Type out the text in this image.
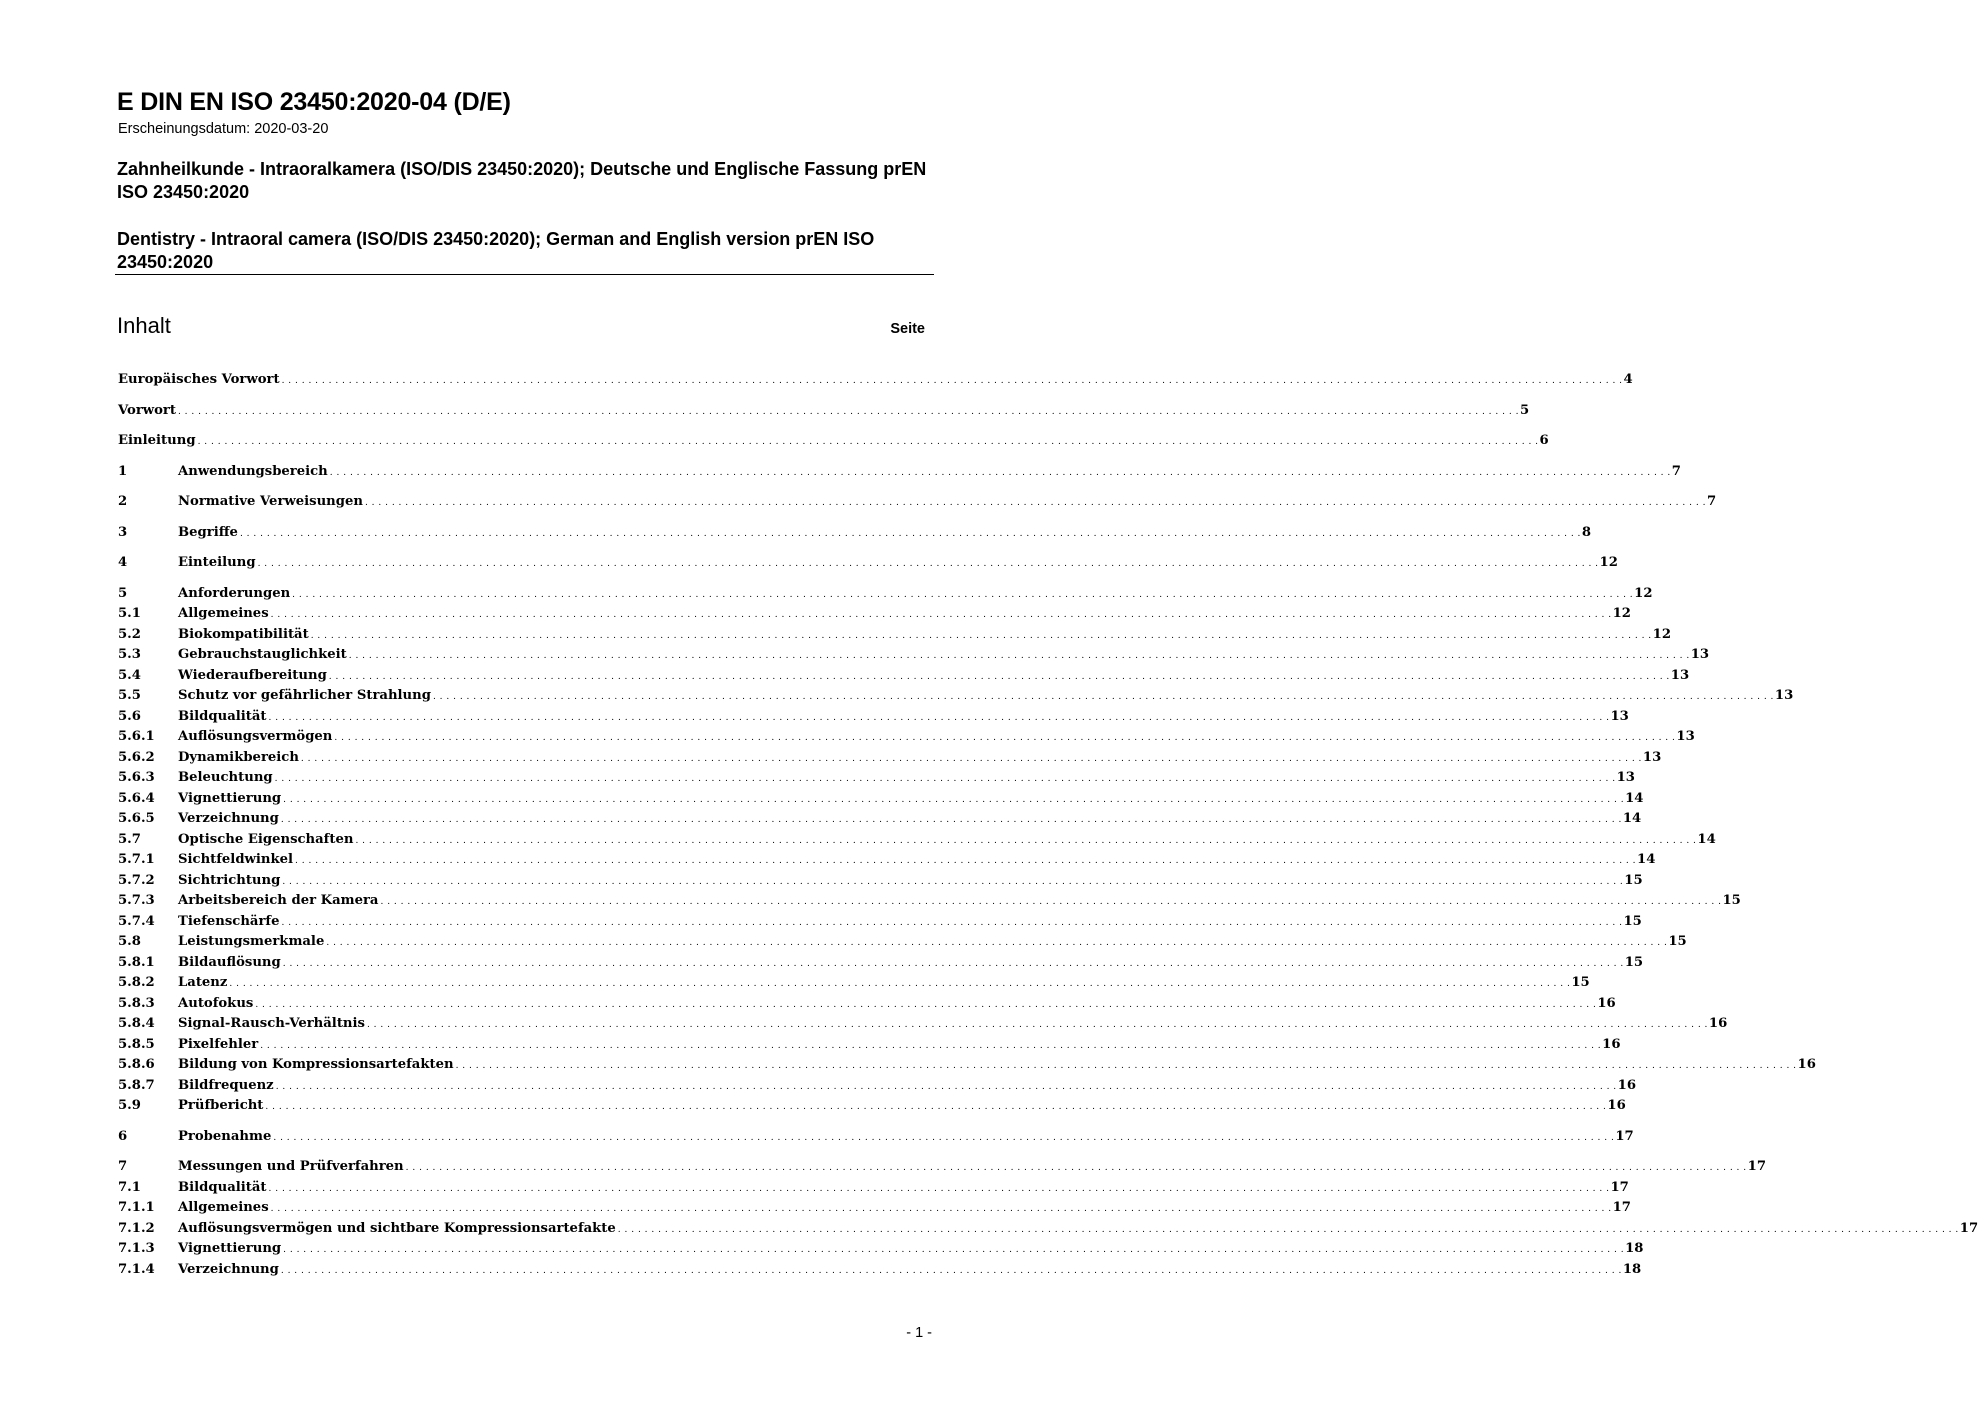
E DIN EN ISO 23450:2020-04 (D/E)
Erscheinungsdatum: 2020-03-20

Zahnheilkunde - Intraoralkamera (ISO/DIS 23450:2020); Deutsche und Englische Fassung prEN ISO 23450:2020

Dentistry - Intraoral camera (ISO/DIS 23450:2020); German and English version prEN ISO 23450:2020

Inhalt	Seite
Europäisches Vorwort . . . . . . . . . . . . . . . . . . . . . . . . . . . . . . . . . . . . . . . . . . . . . . . . . . . . . . . . . . . . . . . . . . . . . . . . . . . . . . . . . . . . . . . . . . . . . . . . . . . . . . . . . . . . . . . . . . . . . . . . . . . . . . . . . . . . . . . . . . . . . . . . . . . . . . . . . . . . . . . . . . . . . . . . . . . . . . . . . . . . . . . . . . . . . . . . . . . . . . . . 4
Vorwort . . . . . . . . . . . . . . . . . . . . . . . . . . . . . . . . . . . . . . . . . . . . . . . . . . . . . . . . . . . . . . . . . . . . . . . . . . . . . . . . . . . . . . . . . . . . . . . . . . . . . . . . . . . . . . . . . . . . . . . . . . . . . . . . . . . . . . . . . . . . . . . . . . . . . . . . . . . . . . . . . . . . . . . . . . . . . . . . . . . . . . . . . . . . . . . . . . . . . . . . 5
Einleitung . . . . . . . . . . . . . . . . . . . . . . . . . . . . . . . . . . . . . . . . . . . . . . . . . . . . . . . . . . . . . . . . . . . . . . . . . . . . . . . . . . . . . . . . . . . . . . . . . . . . . . . . . . . . . . . . . . . . . . . . . . . . . . . . . . . . . . . . . . . . . . . . . . . . . . . . . . . . . . . . . . . . . . . . . . . . . . . . . . . . . . . . . . . . . . . . . . . . . . . . 6
1	Anwendungsbereich . . . . . . . . . . . . . . . . . . . . . . . . . . . . . . . . . . . . . . . . . . . . . . . . . . . . . . . . . . . . . . . . . . . . . . . . . . . . . . . . . . . . . . . . . . . . . . . . . . . . . . . . . . . . . . . . . . . . . . . . . . . . . . . . . . . . . . . . . . . . . . . . . . . . . . . . . . . . . . . . . . . . . . . . . . . . . . . . . . . . . . . . . . . . . . . . . . . . . . . . 7
2	Normative Verweisungen . . . . . . . . . . . . . . . . . . . . . . . . . . . . . . . . . . . . . . . . . . . . . . . . . . . . . . . . . . . . . . . . . . . . . . . . . . . . . . . . . . . . . . . . . . . . . . . . . . . . . . . . . . . . . . . . . . . . . . . . . . . . . . . . . . . . . . . . . . . . . . . . . . . . . . . . . . . . . . . . . . . . . . . . . . . . . . . . . . . . . . . . . . . . . . . . . . . . . . . . 7
3	Begriffe . . . . . . . . . . . . . . . . . . . . . . . . . . . . . . . . . . . . . . . . . . . . . . . . . . . . . . . . . . . . . . . . . . . . . . . . . . . . . . . . . . . . . . . . . . . . . . . . . . . . . . . . . . . . . . . . . . . . . . . . . . . . . . . . . . . . . . . . . . . . . . . . . . . . . . . . . . . . . . . . . . . . . . . . . . . . . . . . . . . . . . . . . . . . . . . . . . . . . . . . 8
4	Einteilung . . . . . . . . . . . . . . . . . . . . . . . . . . . . . . . . . . . . . . . . . . . . . . . . . . . . . . . . . . . . . . . . . . . . . . . . . . . . . . . . . . . . . . . . . . . . . . . . . . . . . . . . . . . . . . . . . . . . . . . . . . . . . . . . . . . . . . . . . . . . . . . . . . . . . . . . . . . . . . . . . . . . . . . . . . . . . . . . . . . . . . . . . . . . . . . . . . . . . . . . 12
5	Anforderungen . . . . . . . . . . . . . . . . . . . . . . . . . . . . . . . . . . . . . . . . . . . . . . . . . . . . . . . . . . . . . . . . . . . . . . . . . . . . . . . . . . . . . . . . . . . . . . . . . . . . . . . . . . . . . . . . . . . . . . . . . . . . . . . . . . . . . . . . . . . . . . . . . . . . . . . . . . . . . . . . . . . . . . . . . . . . . . . . . . . . . . . . . . . . . . . . . . . . . . . . 12
5.1	Allgemeines . . . . . . . . . . . . . . . . . . . . . . . . . . . . . . . . . . . . . . . . . . . . . . . . . . . . . . . . . . . . . . . . . . . . . . . . . . . . . . . . . . . . . . . . . . . . . . . . . . . . . . . . . . . . . . . . . . . . . . . . . . . . . . . . . . . . . . . . . . . . . . . . . . . . . . . . . . . . . . . . . . . . . . . . . . . . . . . . . . . . . . . . . . . . . . . . . . . . . . . . 12
5.2	Biokompatibilität . . . . . . . . . . . . . . . . . . . . . . . . . . . . . . . . . . . . . . . . . . . . . . . . . . . . . . . . . . . . . . . . . . . . . . . . . . . . . . . . . . . . . . . . . . . . . . . . . . . . . . . . . . . . . . . . . . . . . . . . . . . . . . . . . . . . . . . . . . . . . . . . . . . . . . . . . . . . . . . . . . . . . . . . . . . . . . . . . . . . . . . . . . . . . . . . . . . . . . . . 12
5.3	Gebrauchstauglichkeit . . . . . . . . . . . . . . . . . . . . . . . . . . . . . . . . . . . . . . . . . . . . . . . . . . . . . . . . . . . . . . . . . . . . . . . . . . . . . . . . . . . . . . . . . . . . . . . . . . . . . . . . . . . . . . . . . . . . . . . . . . . . . . . . . . . . . . . . . . . . . . . . . . . . . . . . . . . . . . . . . . . . . . . . . . . . . . . . . . . . . . . . . . . . . . . . . . . . . . . . 13
5.4	Wiederaufbereitung . . . . . . . . . . . . . . . . . . . . . . . . . . . . . . . . . . . . . . . . . . . . . . . . . . . . . . . . . . . . . . . . . . . . . . . . . . . . . . . . . . . . . . . . . . . . . . . . . . . . . . . . . . . . . . . . . . . . . . . . . . . . . . . . . . . . . . . . . . . . . . . . . . . . . . . . . . . . . . . . . . . . . . . . . . . . . . . . . . . . . . . . . . . . . . . . . . . . . . . . 13
5.5	Schutz vor gefährlicher Strahlung . . . . . . . . . . . . . . . . . . . . . . . . . . . . . . . . . . . . . . . . . . . . . . . . . . . . . . . . . . . . . . . . . . . . . . . . . . . . . . . . . . . . . . . . . . . . . . . . . . . . . . . . . . . . . . . . . . . . . . . . . . . . . . . . . . . . . . . . . . . . . . . . . . . . . . . . . . . . . . . . . . . . . . . . . . . . . . . . . . . . . . . . . . . . . . . . . . . . . . . . 13
5.6	Bildqualität . . . . . . . . . . . . . . . . . . . . . . . . . . . . . . . . . . . . . . . . . . . . . . . . . . . . . . . . . . . . . . . . . . . . . . . . . . . . . . . . . . . . . . . . . . . . . . . . . . . . . . . . . . . . . . . . . . . . . . . . . . . . . . . . . . . . . . . . . . . . . . . . . . . . . . . . . . . . . . . . . . . . . . . . . . . . . . . . . . . . . . . . . . . . . . . . . . . . . . . . 13
5.6.1 Auflösungsvermögen . . . . . . . . . . . . . . . . . . . . . . . . . . . . . . . . . . . . . . . . . . . . . . . . . . . . . . . . . . . . . . . . . . . . . . . . . . . . . . . . . . . . . . . . . . . . . . . . . . . . . . . . . . . . . . . . . . . . . . . . . . . . . . . . . . . . . . . . . . . . . . . . . . . . . . . . . . . . . . . . . . . . . . . . . . . . . . . . . . . . . . . . . . . . . . . . . . . . . . . . 13
5.6.2 Dynamikbereich . . . . . . . . . . . . . . . . . . . . . . . . . . . . . . . . . . . . . . . . . . . . . . . . . . . . . . . . . . . . . . . . . . . . . . . . . . . . . . . . . . . . . . . . . . . . . . . . . . . . . . . . . . . . . . . . . . . . . . . . . . . . . . . . . . . . . . . . . . . . . . . . . . . . . . . . . . . . . . . . . . . . . . . . . . . . . . . . . . . . . . . . . . . . . . . . . . . . . . . . 13
5.6.3 Beleuchtung . . . . . . . . . . . . . . . . . . . . . . . . . . . . . . . . . . . . . . . . . . . . . . . . . . . . . . . . . . . . . . . . . . . . . . . . . . . . . . . . . . . . . . . . . . . . . . . . . . . . . . . . . . . . . . . . . . . . . . . . . . . . . . . . . . . . . . . . . . . . . . . . . . . . . . . . . . . . . . . . . . . . . . . . . . . . . . . . . . . . . . . . . . . . . . . . . . . . . . . . 13
5.6.4 Vignettierung . . . . . . . . . . . . . . . . . . . . . . . . . . . . . . . . . . . . . . . . . . . . . . . . . . . . . . . . . . . . . . . . . . . . . . . . . . . . . . . . . . . . . . . . . . . . . . . . . . . . . . . . . . . . . . . . . . . . . . . . . . . . . . . . . . . . . . . . . . . . . . . . . . . . . . . . . . . . . . . . . . . . . . . . . . . . . . . . . . . . . . . . . . . . . . . . . . . . . . . . 14
5.6.5 Verzeichnung . . . . . . . . . . . . . . . . . . . . . . . . . . . . . . . . . . . . . . . . . . . . . . . . . . . . . . . . . . . . . . . . . . . . . . . . . . . . . . . . . . . . . . . . . . . . . . . . . . . . . . . . . . . . . . . . . . . . . . . . . . . . . . . . . . . . . . . . . . . . . . . . . . . . . . . . . . . . . . . . . . . . . . . . . . . . . . . . . . . . . . . . . . . . . . . . . . . . . . . . 14
5.7	Optische Eigenschaften . . . . . . . . . . . . . . . . . . . . . . . . . . . . . . . . . . . . . . . . . . . . . . . . . . . . . . . . . . . . . . . . . . . . . . . . . . . . . . . . . . . . . . . . . . . . . . . . . . . . . . . . . . . . . . . . . . . . . . . . . . . . . . . . . . . . . . . . . . . . . . . . . . . . . . . . . . . . . . . . . . . . . . . . . . . . . . . . . . . . . . . . . . . . . . . . . . . . . . . . 14
5.7.1 Sichtfeldwinkel . . . . . . . . . . . . . . . . . . . . . . . . . . . . . . . . . . . . . . . . . . . . . . . . . . . . . . . . . . . . . . . . . . . . . . . . . . . . . . . . . . . . . . . . . . . . . . . . . . . . . . . . . . . . . . . . . . . . . . . . . . . . . . . . . . . . . . . . . . . . . . . . . . . . . . . . . . . . . . . . . . . . . . . . . . . . . . . . . . . . . . . . . . . . . . . . . . . . . . . . 14
5.7.2 Sichtrichtung . . . . . . . . . . . . . . . . . . . . . . . . . . . . . . . . . . . . . . . . . . . . . . . . . . . . . . . . . . . . . . . . . . . . . . . . . . . . . . . . . . . . . . . . . . . . . . . . . . . . . . . . . . . . . . . . . . . . . . . . . . . . . . . . . . . . . . . . . . . . . . . . . . . . . . . . . . . . . . . . . . . . . . . . . . . . . . . . . . . . . . . . . . . . . . . . . . . . . . . . 15
5.7.3 Arbeitsbereich der Kamera . . . . . . . . . . . . . . . . . . . . . . . . . . . . . . . . . . . . . . . . . . . . . . . . . . . . . . . . . . . . . . . . . . . . . . . . . . . . . . . . . . . . . . . . . . . . . . . . . . . . . . . . . . . . . . . . . . . . . . . . . . . . . . . . . . . . . . . . . . . . . . . . . . . . . . . . . . . . . . . . . . . . . . . . . . . . . . . . . . . . . . . . . . . . . . . . . . . . . . . . 15
5.7.4 Tiefenschärfe . . . . . . . . . . . . . . . . . . . . . . . . . . . . . . . . . . . . . . . . . . . . . . . . . . . . . . . . . . . . . . . . . . . . . . . . . . . . . . . . . . . . . . . . . . . . . . . . . . . . . . . . . . . . . . . . . . . . . . . . . . . . . . . . . . . . . . . . . . . . . . . . . . . . . . . . . . . . . . . . . . . . . . . . . . . . . . . . . . . . . . . . . . . . . . . . . . . . . . . . 15
5.8	Leistungsmerkmale . . . . . . . . . . . . . . . . . . . . . . . . . . . . . . . . . . . . . . . . . . . . . . . . . . . . . . . . . . . . . . . . . . . . . . . . . . . . . . . . . . . . . . . . . . . . . . . . . . . . . . . . . . . . . . . . . . . . . . . . . . . . . . . . . . . . . . . . . . . . . . . . . . . . . . . . . . . . . . . . . . . . . . . . . . . . . . . . . . . . . . . . . . . . . . . . . . . . . . . . 15
5.8.1 Bildauflösung . . . . . . . . . . . . . . . . . . . . . . . . . . . . . . . . . . . . . . . . . . . . . . . . . . . . . . . . . . . . . . . . . . . . . . . . . . . . . . . . . . . . . . . . . . . . . . . . . . . . . . . . . . . . . . . . . . . . . . . . . . . . . . . . . . . . . . . . . . . . . . . . . . . . . . . . . . . . . . . . . . . . . . . . . . . . . . . . . . . . . . . . . . . . . . . . . . . . . . . . 15
5.8.2 Latenz . . . . . . . . . . . . . . . . . . . . . . . . . . . . . . . . . . . . . . . . . . . . . . . . . . . . . . . . . . . . . . . . . . . . . . . . . . . . . . . . . . . . . . . . . . . . . . . . . . . . . . . . . . . . . . . . . . . . . . . . . . . . . . . . . . . . . . . . . . . . . . . . . . . . . . . . . . . . . . . . . . . . . . . . . . . . . . . . . . . . . . . . . . . . . . . . . . . . . . . . 15
5.8.3 Autofokus . . . . . . . . . . . . . . . . . . . . . . . . . . . . . . . . . . . . . . . . . . . . . . . . . . . . . . . . . . . . . . . . . . . . . . . . . . . . . . . . . . . . . . . . . . . . . . . . . . . . . . . . . . . . . . . . . . . . . . . . . . . . . . . . . . . . . . . . . . . . . . . . . . . . . . . . . . . . . . . . . . . . . . . . . . . . . . . . . . . . . . . . . . . . . . . . . . . . . . . . 16
5.8.4 Signal-Rausch-Verhältnis . . . . . . . . . . . . . . . . . . . . . . . . . . . . . . . . . . . . . . . . . . . . . . . . . . . . . . . . . . . . . . . . . . . . . . . . . . . . . . . . . . . . . . . . . . . . . . . . . . . . . . . . . . . . . . . . . . . . . . . . . . . . . . . . . . . . . . . . . . . . . . . . . . . . . . . . . . . . . . . . . . . . . . . . . . . . . . . . . . . . . . . . . . . . . . . . . . . . . . . . 16
5.8.5 Pixelfehler . . . . . . . . . . . . . . . . . . . . . . . . . . . . . . . . . . . . . . . . . . . . . . . . . . . . . . . . . . . . . . . . . . . . . . . . . . . . . . . . . . . . . . . . . . . . . . . . . . . . . . . . . . . . . . . . . . . . . . . . . . . . . . . . . . . . . . . . . . . . . . . . . . . . . . . . . . . . . . . . . . . . . . . . . . . . . . . . . . . . . . . . . . . . . . . . . . . . . . . . 16
5.8.6 Bildung von Kompressionsartefakten . . . . . . . . . . . . . . . . . . . . . . . . . . . . . . . . . . . . . . . . . . . . . . . . . . . . . . . . . . . . . . . . . . . . . . . . . . . . . . . . . . . . . . . . . . . . . . . . . . . . . . . . . . . . . . . . . . . . . . . . . . . . . . . . . . . . . . . . . . . . . . . . . . . . . . . . . . . . . . . . . . . . . . . . . . . . . . . . . . . . . . . . . . . . . . . . . . . . . . . . 16
5.8.7 Bildfrequenz . . . . . . . . . . . . . . . . . . . . . . . . . . . . . . . . . . . . . . . . . . . . . . . . . . . . . . . . . . . . . . . . . . . . . . . . . . . . . . . . . . . . . . . . . . . . . . . . . . . . . . . . . . . . . . . . . . . . . . . . . . . . . . . . . . . . . . . . . . . . . . . . . . . . . . . . . . . . . . . . . . . . . . . . . . . . . . . . . . . . . . . . . . . . . . . . . . . . . . . . 16
5.9	Prüfbericht . . . . . . . . . . . . . . . . . . . . . . . . . . . . . . . . . . . . . . . . . . . . . . . . . . . . . . . . . . . . . . . . . . . . . . . . . . . . . . . . . . . . . . . . . . . . . . . . . . . . . . . . . . . . . . . . . . . . . . . . . . . . . . . . . . . . . . . . . . . . . . . . . . . . . . . . . . . . . . . . . . . . . . . . . . . . . . . . . . . . . . . . . . . . . . . . . . . . . . . . 16
6	Probenahme . . . . . . . . . . . . . . . . . . . . . . . . . . . . . . . . . . . . . . . . . . . . . . . . . . . . . . . . . . . . . . . . . . . . . . . . . . . . . . . . . . . . . . . . . . . . . . . . . . . . . . . . . . . . . . . . . . . . . . . . . . . . . . . . . . . . . . . . . . . . . . . . . . . . . . . . . . . . . . . . . . . . . . . . . . . . . . . . . . . . . . . . . . . . . . . . . . . . . . . . 17
7	Messungen und Prüfverfahren . . . . . . . . . . . . . . . . . . . . . . . . . . . . . . . . . . . . . . . . . . . . . . . . . . . . . . . . . . . . . . . . . . . . . . . . . . . . . . . . . . . . . . . . . . . . . . . . . . . . . . . . . . . . . . . . . . . . . . . . . . . . . . . . . . . . . . . . . . . . . . . . . . . . . . . . . . . . . . . . . . . . . . . . . . . . . . . . . . . . . . . . . . . . . . . . . . . . . . . . 17
7.1	Bildqualität . . . . . . . . . . . . . . . . . . . . . . . . . . . . . . . . . . . . . . . . . . . . . . . . . . . . . . . . . . . . . . . . . . . . . . . . . . . . . . . . . . . . . . . . . . . . . . . . . . . . . . . . . . . . . . . . . . . . . . . . . . . . . . . . . . . . . . . . . . . . . . . . . . . . . . . . . . . . . . . . . . . . . . . . . . . . . . . . . . . . . . . . . . . . . . . . . . . . . . . . 17
7.1.1 Allgemeines . . . . . . . . . . . . . . . . . . . . . . . . . . . . . . . . . . . . . . . . . . . . . . . . . . . . . . . . . . . . . . . . . . . . . . . . . . . . . . . . . . . . . . . . . . . . . . . . . . . . . . . . . . . . . . . . . . . . . . . . . . . . . . . . . . . . . . . . . . . . . . . . . . . . . . . . . . . . . . . . . . . . . . . . . . . . . . . . . . . . . . . . . . . . . . . . . . . . . . . . 17
7.1.2 Auflösungsvermögen und sichtbare Kompressionsartefakte . . . . . . . . . . . . . . . . . . . . . . . . . . . . . . . . . . . . . . . . . . . . . . . . . . . . . . . . . . . . . . . . . . . . . . . . . . . . . . . . . . . . . . . . . . . . . . . . . . . . . . . . . . . . . . . . . . . . . . . . . . . . . . . . . . . . . . . . . . . . . . . . . . . . . . . . . . . . . . . . . . . . . . . . . . . . . . . . . . . . . . . . . . . . . . . . . . . . . . . . 17
7.1.3 Vignettierung . . . . . . . . . . . . . . . . . . . . . . . . . . . . . . . . . . . . . . . . . . . . . . . . . . . . . . . . . . . . . . . . . . . . . . . . . . . . . . . . . . . . . . . . . . . . . . . . . . . . . . . . . . . . . . . . . . . . . . . . . . . . . . . . . . . . . . . . . . . . . . . . . . . . . . . . . . . . . . . . . . . . . . . . . . . . . . . . . . . . . . . . . . . . . . . . . . . . . . . . 18
7.1.4 Verzeichnung . . . . . . . . . . . . . . . . . . . . . . . . . . . . . . . . . . . . . . . . . . . . . . . . . . . . . . . . . . . . . . . . . . . . . . . . . . . . . . . . . . . . . . . . . . . . . . . . . . . . . . . . . . . . . . . . . . . . . . . . . . . . . . . . . . . . . . . . . . . . . . . . . . . . . . . . . . . . . . . . . . . . . . . . . . . . . . . . . . . . . . . . . . . . . . . . . . . . . . . . 18
- 1 -
